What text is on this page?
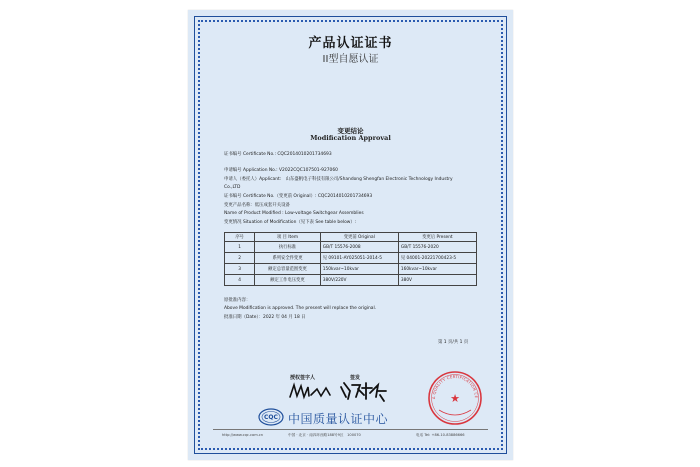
产品认证证书
II型自愿认证
变更结论
Modification Approval
证书编号 Certificate No.: CQC2014010201734693
申请编号 Application No.: V2022CQC107501-927060
申请人（委托人）Applicant:　山东盛帆电子科技有限公司/Shandong Shengfan Electronic Technology Industry
Co.,LTD
证书编号 Certificate No.（变更前 Original）: CQC2014010201734693
变更产品名称：低压成套开关设备
Name of Product Modified : Low-voltage Switchgear Assemblies
变更情况 Situation of Modification（见下表 See table below）:
序号	项 目 Item	变更前 Original	变更后 Present
1	执行标准	GB/T 15576-2008	GB/T 15576-2020
2	系列安全件变更	见 09101-AY025051-2014-5	见 04001-20221700423-5
3	额定总容量范围变更	150kvar~10kvar	160kvar~10kvar
4	额定工作电压变更	380V/220V	380V
原批准内容：
Above Modification is approved. The present will replace the original.
批准日期（Date）：2022 年 04 月 18 日
第 1 页/共 1 页
授权签字人	签发
A QUALITY CERTIFICATION CE
★
CQC 中国质量认证中心
http://www.cqc.com.cn	中国 · 北京 · 南四环西路188号9区　100070	电话 Tel: +86-10-83886666
